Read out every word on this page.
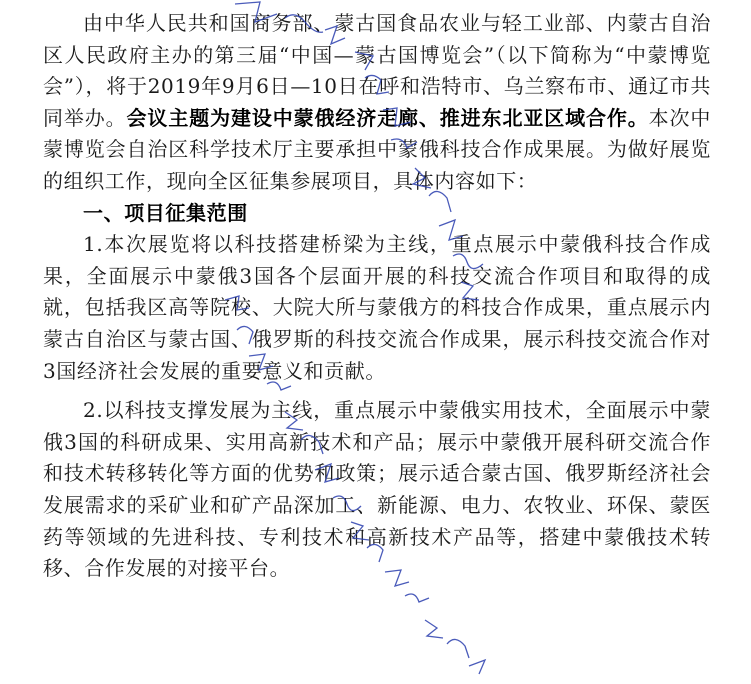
由中华人民共和国商务部、蒙古国食品农业与轻工业部、内蒙古自治区人民政府主办的第三届“中国—蒙古国博览会”（以下简称为“中蒙博览会”），将于2019年9月6日—10日在呼和浩特市、乌兰察布市、通辽市共同举办。会议主题为建设中蒙俄经济走廊、推进东北亚区域合作。本次中蒙博览会自治区科学技术厅主要承担中蒙俄科技合作成果展。为做好展览的组织工作，现向全区征集参展项目，具体内容如下：

一、项目征集范围

1.本次展览将以科技搭建桥梁为主线，重点展示中蒙俄科技合作成果，全面展示中蒙俄3国各个层面开展的科技交流合作项目和取得的成就，包括我区高等院校、大院大所与蒙俄方的科技合作成果，重点展示内蒙古自治区与蒙古国、俄罗斯的科技交流合作成果，展示科技交流合作对3国经济社会发展的重要意义和贡献。

2.以科技支撑发展为主线，重点展示中蒙俄实用技术，全面展示中蒙俄3国的科研成果、实用高新技术和产品；展示中蒙俄开展科研交流合作和技术转移转化等方面的优势和政策；展示适合蒙古国、俄罗斯经济社会发展需求的采矿业和矿产品深加工、新能源、电力、农牧业、环保、蒙医药等领域的先进科技、专利技术和高新技术产品等，搭建中蒙俄技术转移、合作发展的对接平台。
